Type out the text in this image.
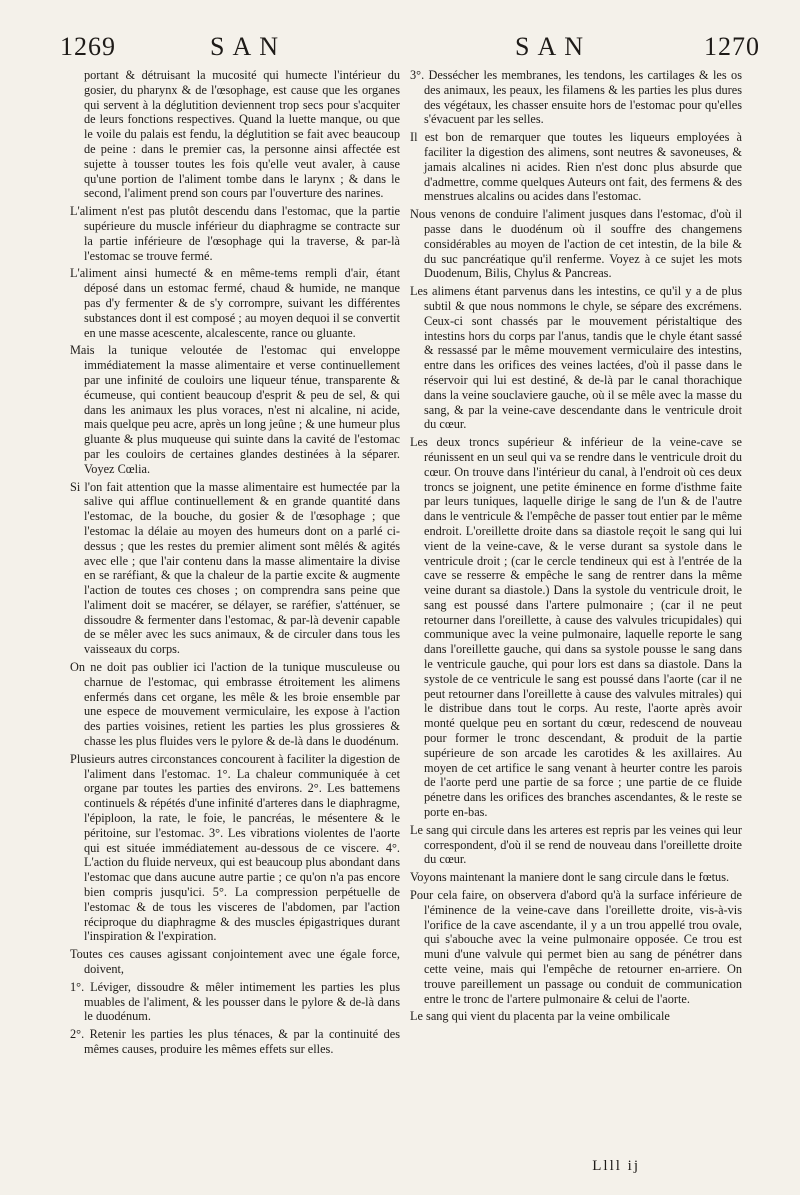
1269	SAN	SAN	1270

portant & détruisant la mucosité qui humecte l'intérieur du gosier, du pharynx & de l'œsophage, est cause que les organes qui servent à la déglutition deviennent trop secs pour s'acquiter de leurs fonctions respectives. Quand la luette manque, ou que le voile du palais est fendu, la déglutition se fait avec beaucoup de peine : dans le premier cas, la personne ainsi affectée est sujette à tousser toutes les fois qu'elle veut avaler, à cause qu'une portion de l'aliment tombe dans le larynx ; & dans le second, l'aliment prend son cours par l'ouverture des narines.

L'aliment n'est pas plutôt descendu dans l'estomac, que la partie supérieure du muscle inférieur du diaphragme se contracte sur la partie inférieure de l'œsophage qui la traverse, & par-là l'estomac se trouve fermé.

L'aliment ainsi humecté & en même-tems rempli d'air, étant déposé dans un estomac fermé, chaud & humide, ne manque pas d'y fermenter & de s'y corrompre, suivant les différentes substances dont il est composé ; au moyen dequoi il se convertit en une masse acescente, alcalescente, rance ou gluante.

Mais la tunique veloutée de l'estomac qui enveloppe immédiatement la masse alimentaire et verse continuellement par une infinité de couloirs une liqueur ténue, transparente & écumeuse, qui contient beaucoup d'esprit & peu de sel, & qui dans les animaux les plus voraces, n'est ni alcaline, ni acide, mais quelque peu acre, après un long jeûne ; & une humeur plus gluante & plus muqueuse qui suinte dans la cavité de l'estomac par les couloirs de certaines glandes destinées à la séparer. Voyez Cœlia.

Si l'on fait attention que la masse alimentaire est humectée par la salive qui afflue continuellement & en grande quantité dans l'estomac, de la bouche, du gosier & de l'œsophage ; que l'estomac la délaie au moyen des humeurs dont on a parlé ci-dessus ; que les restes du premier aliment sont mêlés & agités avec elle ; que l'air contenu dans la masse alimentaire la divise en se raréfiant, & que la chaleur de la partie excite & augmente l'action de toutes ces choses ; on comprendra sans peine que l'aliment doit se macérer, se délayer, se raréfier, s'atténuer, se dissoudre & fermenter dans l'estomac, & par-là devenir capable de se mêler avec les sucs animaux, & de circuler dans tous les vaisseaux du corps.

On ne doit pas oublier ici l'action de la tunique musculeuse ou charnue de l'estomac, qui embrasse étroitement les alimens enfermés dans cet organe, les mêle & les broie ensemble par une espece de mouvement vermiculaire, les expose à l'action des parties voisines, retient les parties les plus grossieres & chasse les plus fluides vers le pylore & de-là dans le duodénum.

Plusieurs autres circonstances concourent à faciliter la digestion de l'aliment dans l'estomac. 1°. La chaleur communiquée à cet organe par toutes les parties des environs. 2°. Les battemens continuels & répétés d'une infinité d'arteres dans le diaphragme, l'épiploon, la rate, le foie, le pancréas, le mésentere & le péritoine, sur l'estomac. 3°. Les vibrations violentes de l'aorte qui est située immédiatement au-dessous de ce viscere. 4°. L'action du fluide nerveux, qui est beaucoup plus abondant dans l'estomac que dans aucune autre partie ; ce qu'on n'a pas encore bien compris jusqu'ici. 5°. La compression perpétuelle de l'estomac & de tous les visceres de l'abdomen, par l'action réciproque du diaphragme & des muscles épigastriques durant l'inspiration & l'expiration.

Toutes ces causes agissant conjointement avec une égale force, doivent,

1°. Léviger, dissoudre & mêler intimement les parties les plus muables de l'aliment, & les pousser dans le pylore & de-là dans le duodénum.

2°. Retenir les parties les plus ténaces, & par la continuité des mêmes causes, produire les mêmes effets sur elles.

3°. Dessécher les membranes, les tendons, les cartilages & les os des animaux, les peaux, les filamens & les parties les plus dures des végétaux, les chasser ensuite hors de l'estomac pour qu'elles s'évacuent par les selles.

Il est bon de remarquer que toutes les liqueurs employées à faciliter la digestion des alimens, sont neutres & savoneuses, & jamais alcalines ni acides. Rien n'est donc plus absurde que d'admettre, comme quelques Auteurs ont fait, des fermens & des menstrues alcalins ou acides dans l'estomac.

Nous venons de conduire l'aliment jusques dans l'estomac, d'où il passe dans le duodénum où il souffre des changemens considérables au moyen de l'action de cet intestin, de la bile & du suc pancréatique qu'il renferme. Voyez à ce sujet les mots Duodenum, Bilis, Chylus & Pancreas.

Les alimens étant parvenus dans les intestins, ce qu'il y a de plus subtil & que nous nommons le chyle, se sépare des excrémens. Ceux-ci sont chassés par le mouvement péristaltique des intestins hors du corps par l'anus, tandis que le chyle étant sassé & ressassé par le même mouvement vermiculaire des intestins, entre dans les orifices des veines lactées, d'où il passe dans le réservoir qui lui est destiné, & de-là par le canal thorachique dans la veine souclaviere gauche, où il se mêle avec la masse du sang, & par la veine-cave descendante dans le ventricule droit du cœur.

Les deux troncs supérieur & inférieur de la veine-cave se réunissent en un seul qui va se rendre dans le ventricule droit du cœur. On trouve dans l'intérieur du canal, à l'endroit où ces deux troncs se joignent, une petite éminence en forme d'isthme faite par leurs tuniques, laquelle dirige le sang de l'un & de l'autre dans le ventricule & l'empêche de passer tout entier par le même endroit. L'oreillette droite dans sa diastole reçoit le sang qui lui vient de la veine-cave, & le verse durant sa systole dans le ventricule droit ; (car le cercle tendineux qui est à l'entrée de la cave se resserre & empêche le sang de rentrer dans la même veine durant sa diastole.) Dans la systole du ventricule droit, le sang est poussé dans l'artere pulmonaire ; (car il ne peut retourner dans l'oreillette, à cause des valvules tricupidales) qui communique avec la veine pulmonaire, laquelle reporte le sang dans l'oreillette gauche, qui dans sa systole pousse le sang dans le ventricule gauche, qui pour lors est dans sa diastole. Dans la systole de ce ventricule le sang est poussé dans l'aorte (car il ne peut retourner dans l'oreillette à cause des valvules mitrales) qui le distribue dans tout le corps. Au reste, l'aorte après avoir monté quelque peu en sortant du cœur, redescend de nouveau pour former le tronc descendant, & produit de la partie supérieure de son arcade les carotides & les axillaires. Au moyen de cet artifice le sang venant à heurter contre les parois de l'aorte perd une partie de sa force ; une partie de ce fluide pénetre dans les orifices des branches ascendantes, & le reste se porte en-bas.

Le sang qui circule dans les arteres est repris par les veines qui leur correspondent, d'où il se rend de nouveau dans l'oreillette droite du cœur.

Voyons maintenant la maniere dont le sang circule dans le fœtus.

Pour cela faire, on observera d'abord qu'à la surface inférieure de l'éminence de la veine-cave dans l'oreillette droite, vis-à-vis l'orifice de la cave ascendante, il y a un trou appellé trou ovale, qui s'abouche avec la veine pulmonaire opposée. Ce trou est muni d'une valvule qui permet bien au sang de pénétrer dans cette veine, mais qui l'empêche de retourner en-arriere. On trouve pareillement un passage ou conduit de communication entre le tronc de l'artere pulmonaire & celui de l'aorte.

Le sang qui vient du placenta par la veine ombilicale

Llll ij
